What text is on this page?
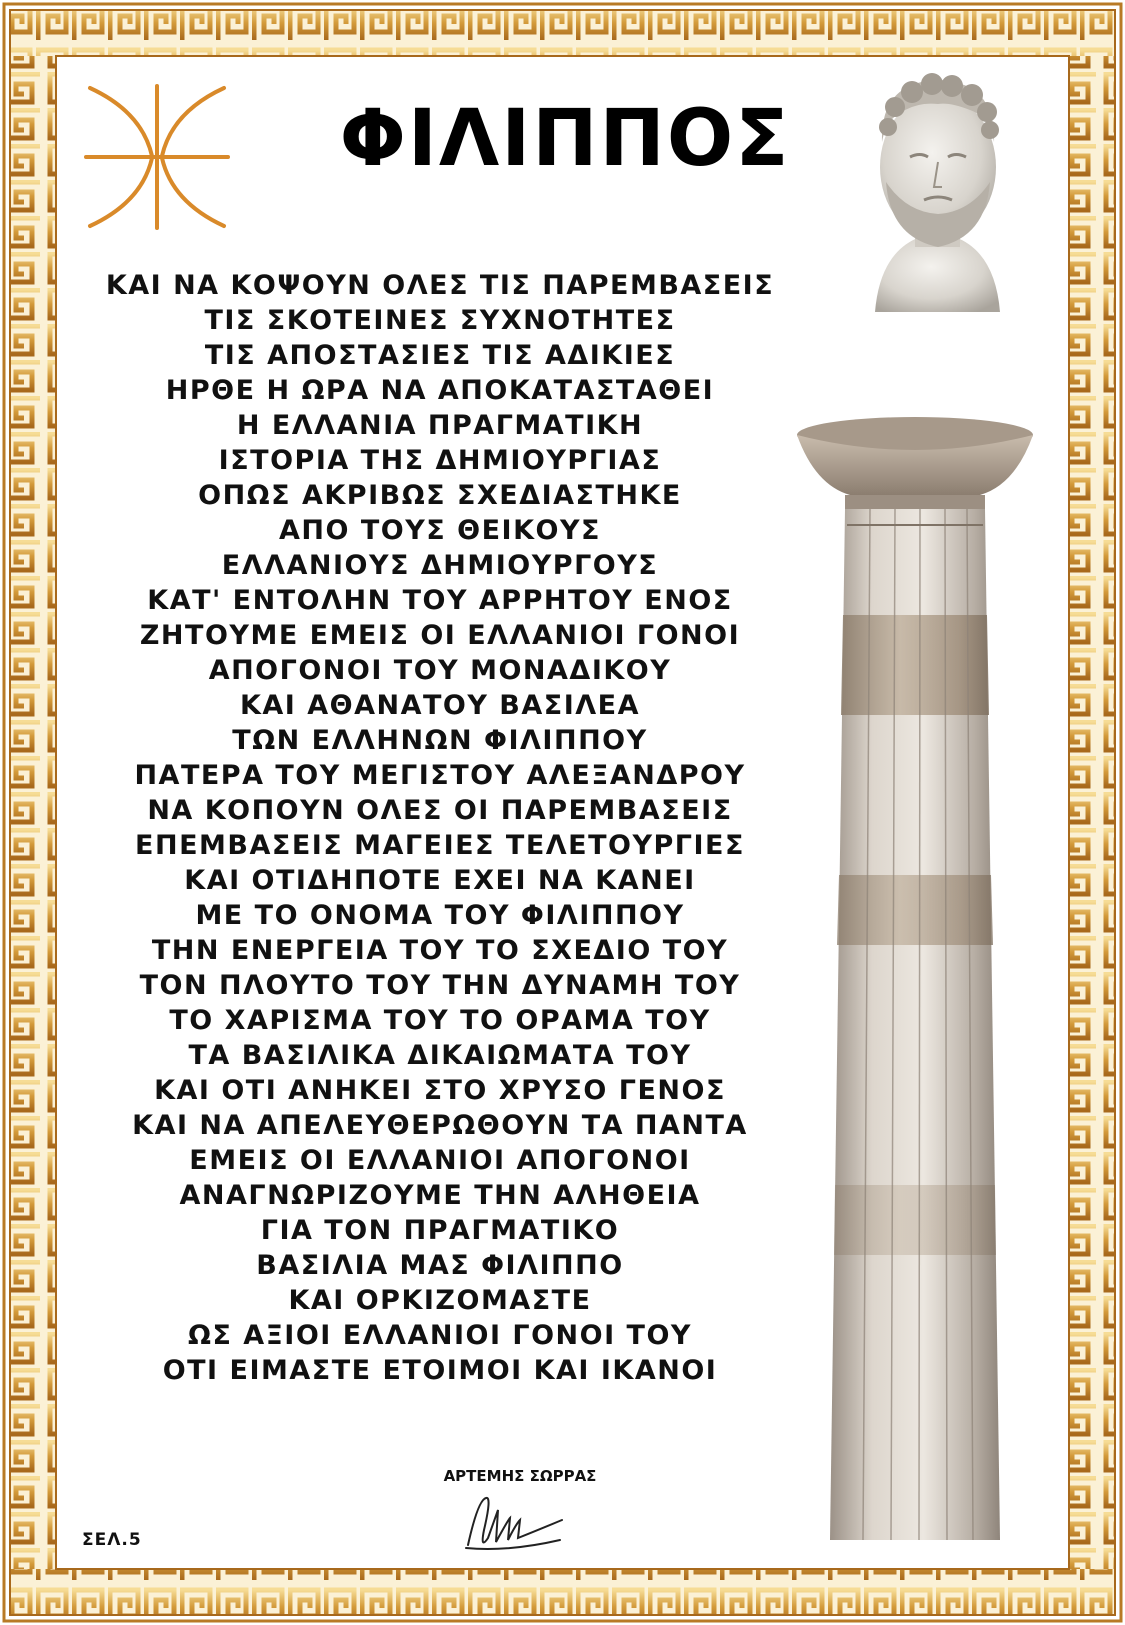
ΦΙΛΙΠΠΟΣ
ΚΑΙ ΝΑ ΚΟΨΟΥΝ ΟΛΕΣ ΤΙΣ ΠΑΡΕΜΒΑΣΕΙΣ
ΤΙΣ ΣΚΟΤΕΙΝΕΣ ΣΥΧΝΟΤΗΤΕΣ
ΤΙΣ ΑΠΟΣΤΑΣΙΕΣ ΤΙΣ ΑΔΙΚΙΕΣ
ΗΡΘΕ Η ΩΡΑ ΝΑ ΑΠΟΚΑΤΑΣΤΑΘΕΙ
Η ΕΛΛΑΝΙΑ ΠΡΑΓΜΑΤΙΚΗ
ΙΣΤΟΡΙΑ ΤΗΣ ΔΗΜΙΟΥΡΓΙΑΣ
ΟΠΩΣ ΑΚΡΙΒΩΣ ΣΧΕΔΙΑΣΤΗΚΕ
ΑΠΟ ΤΟΥΣ ΘΕΙΚΟΥΣ
ΕΛΛΑΝΙΟΥΣ ΔΗΜΙΟΥΡΓΟΥΣ
ΚΑΤ' ΕΝΤΟΛΗΝ ΤΟΥ ΑΡΡΗΤΟΥ ΕΝΟΣ
ΖΗΤΟΥΜΕ ΕΜΕΙΣ ΟΙ ΕΛΛΑΝΙΟΙ ΓΟΝΟΙ
ΑΠΟΓΟΝΟΙ ΤΟΥ ΜΟΝΑΔΙΚΟΥ
ΚΑΙ ΑΘΑΝΑΤΟΥ ΒΑΣΙΛΕΑ
ΤΩΝ ΕΛΛΗΝΩΝ ΦΙΛΙΠΠΟΥ
ΠΑΤΕΡΑ ΤΟΥ ΜΕΓΙΣΤΟΥ ΑΛΕΞΑΝΔΡΟΥ
ΝΑ ΚΟΠΟΥΝ ΟΛΕΣ ΟΙ ΠΑΡΕΜΒΑΣΕΙΣ
ΕΠΕΜΒΑΣΕΙΣ ΜΑΓΕΙΕΣ ΤΕΛΕΤΟΥΡΓΙΕΣ
ΚΑΙ ΟΤΙΔΗΠΟΤΕ ΕΧΕΙ ΝΑ ΚΑΝΕΙ
ΜΕ ΤΟ ΟΝΟΜΑ ΤΟΥ ΦΙΛΙΠΠΟΥ
ΤΗΝ ΕΝΕΡΓΕΙΑ ΤΟΥ ΤΟ ΣΧΕΔΙΟ ΤΟΥ
ΤΟΝ ΠΛΟΥΤΟ ΤΟΥ ΤΗΝ ΔΥΝΑΜΗ ΤΟΥ
ΤΟ ΧΑΡΙΣΜΑ ΤΟΥ ΤΟ ΟΡΑΜΑ ΤΟΥ
ΤΑ ΒΑΣΙΛΙΚΑ ΔΙΚΑΙΩΜΑΤΑ ΤΟΥ
ΚΑΙ ΟΤΙ ΑΝΗΚΕΙ ΣΤΟ ΧΡΥΣΟ ΓΕΝΟΣ
ΚΑΙ ΝΑ ΑΠΕΛΕΥΘΕΡΩΘΟΥΝ ΤΑ ΠΑΝΤΑ
ΕΜΕΙΣ ΟΙ ΕΛΛΑΝΙΟΙ ΑΠΟΓΟΝΟΙ
ΑΝΑΓΝΩΡΙΖΟΥΜΕ ΤΗΝ ΑΛΗΘΕΙΑ
ΓΙΑ ΤΟΝ ΠΡΑΓΜΑΤΙΚΟ
ΒΑΣΙΛΙΑ ΜΑΣ ΦΙΛΙΠΠΟ
ΚΑΙ ΟΡΚΙΖΟΜΑΣΤΕ
ΩΣ ΑΞΙΟΙ ΕΛΛΑΝΙΟΙ ΓΟΝΟΙ ΤΟΥ
ΟΤΙ ΕΙΜΑΣΤΕ ΕΤΟΙΜΟΙ ΚΑΙ ΙΚΑΝΟΙ
ΑΡΤΕΜΗΣ ΣΩΡΡΑΣ
ΣΕΛ.5
